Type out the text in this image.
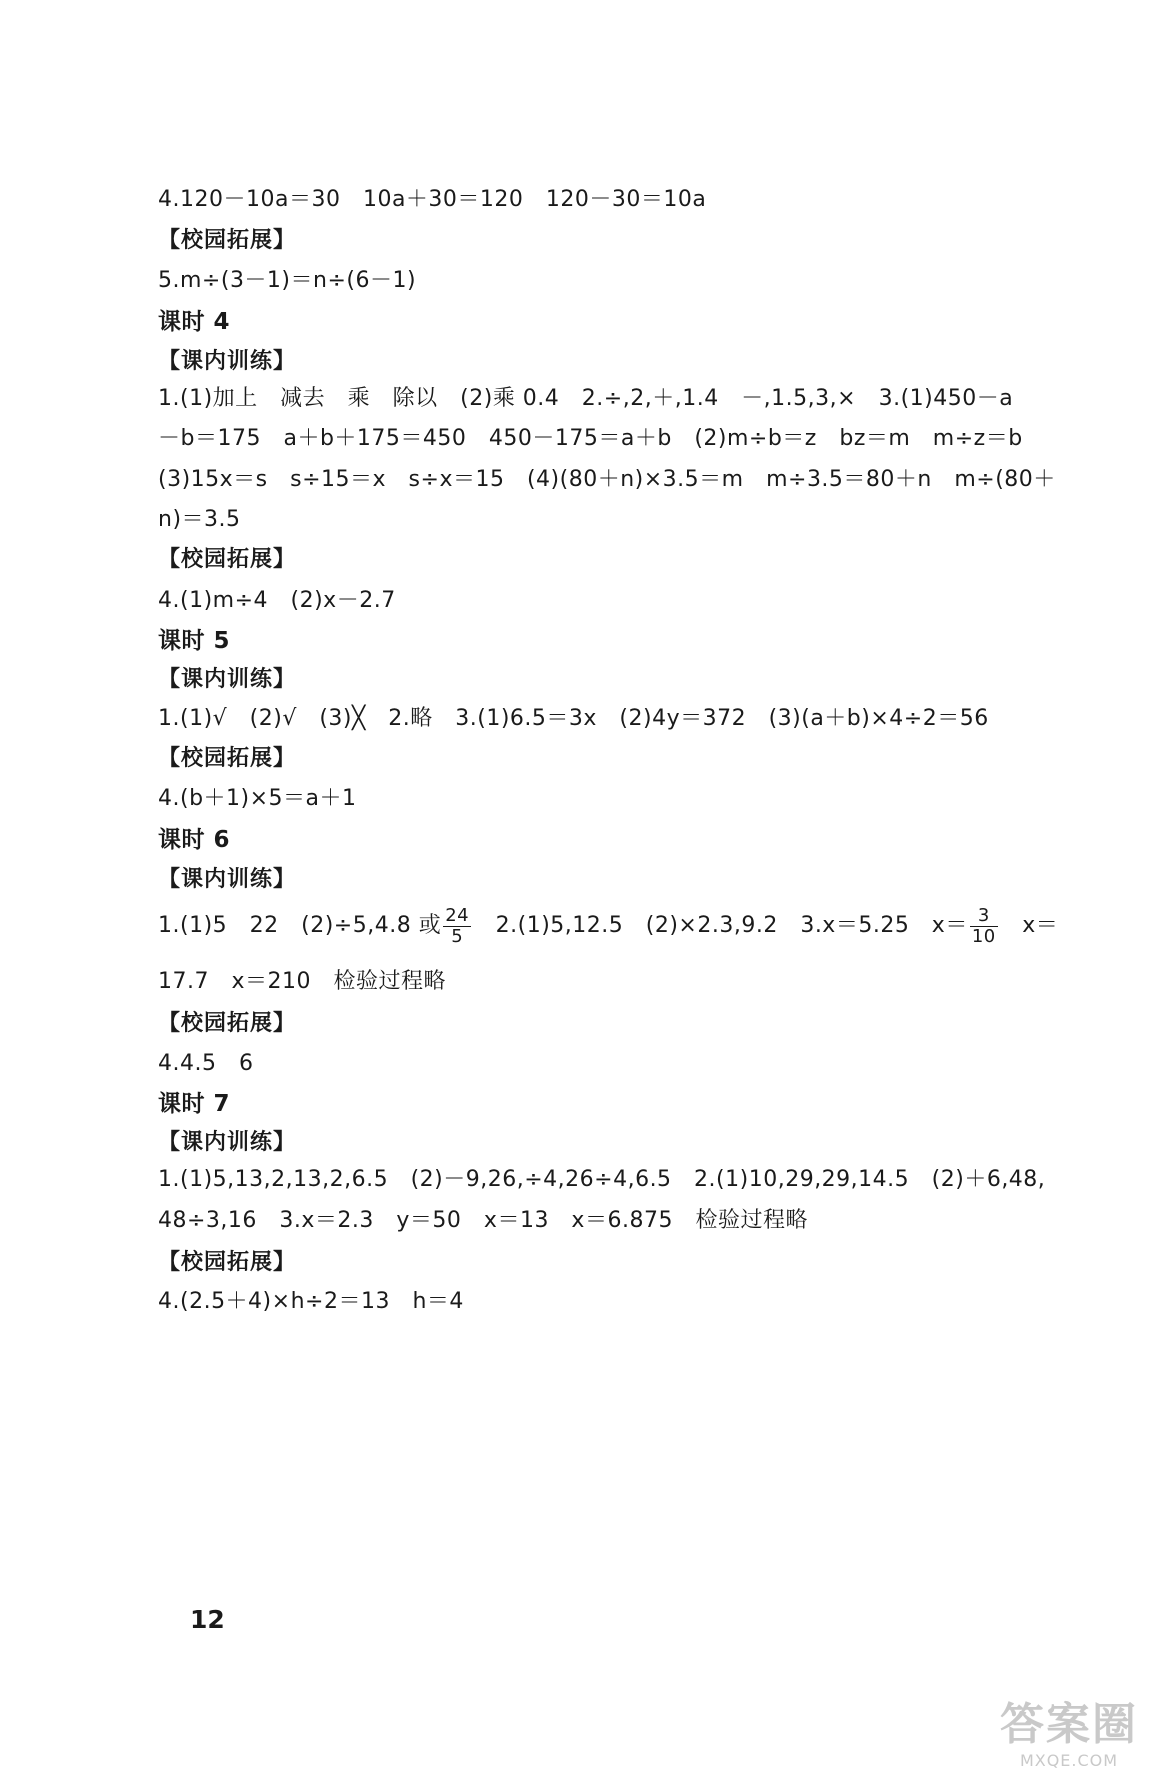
4.120－10a＝30　10a＋30＝120　120－30＝10a
【校园拓展】
5.m÷(3－1)＝n÷(6－1)
课时 4
【课内训练】
1.(1)加上　减去　乘　除以　(2)乘 0.4　2.÷,2,＋,1.4　－,1.5,3,×　3.(1)450－a
－b＝175　a＋b＋175＝450　450－175＝a＋b　(2)m÷b＝z　bz＝m　m÷z＝b
(3)15x＝s　s÷15＝x　s÷x＝15　(4)(80＋n)×3.5＝m　m÷3.5＝80＋n　m÷(80＋
n)＝3.5
【校园拓展】
4.(1)m÷4　(2)x－2.7
课时 5
【课内训练】
1.(1)√　(2)√　(3)╳　2.略　3.(1)6.5＝3x　(2)4y＝372　(3)(a＋b)×4÷2＝56
【校园拓展】
4.(b＋1)×5＝a＋1
课时 6
【课内训练】
1.(1)5　22　(2)÷5,4.8 或 $\frac{24}{5}$ 　2.(1)5,12.5　(2)×2.3,9.2　3.x＝5.25　$x= \frac{3}{10}$ 　x＝
17.7　x＝210　检验过程略
【校园拓展】
4.4.5　6
课时 7
【课内训练】
1.(1)5,13,2,13,2,6.5　(2)－9,26,÷4,26÷4,6.5　2.(1)10,29,29,14.5　(2)＋6,48,
48÷3,16　3.x＝2.3　y＝50　x＝13　x＝6.875　检验过程略
【校园拓展】
4.(2.5＋4)×h÷2＝13　h＝4
12
答案圈
MXQE.COM
